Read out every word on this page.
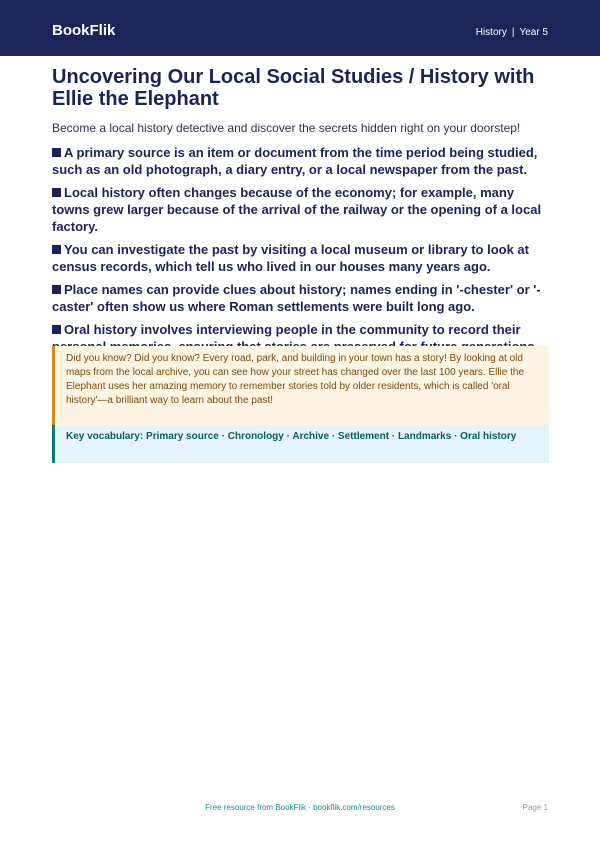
BookFlik	History | Year 5
Uncovering Our Local Social Studies / History with Ellie the Elephant
Become a local history detective and discover the secrets hidden right on your doorstep!
A primary source is an item or document from the time period being studied, such as an old photograph, a diary entry, or a local newspaper from the past.
Local history often changes because of the economy; for example, many towns grew larger because of the arrival of the railway or the opening of a local factory.
You can investigate the past by visiting a local museum or library to look at census records, which tell us who lived in our houses many years ago.
Place names can provide clues about history; names ending in '-chester' or '-caster' often show us where Roman settlements were built long ago.
Oral history involves interviewing people in the community to record their
Did you know? Did you know? Every road, park, and building in your town has a story! By looking at old maps from the local archive, you can see how your street has changed over the last 100 years. Ellie the Elephant uses her amazing memory to remember stories told by older residents, which is called 'oral history'—a brilliant way to learn about the past!
Key vocabulary: Primary source · Chronology · Archive · Settlement · Landmarks · Oral history
Free resource from BookFlik · bookflik.com/resources	Page 1
